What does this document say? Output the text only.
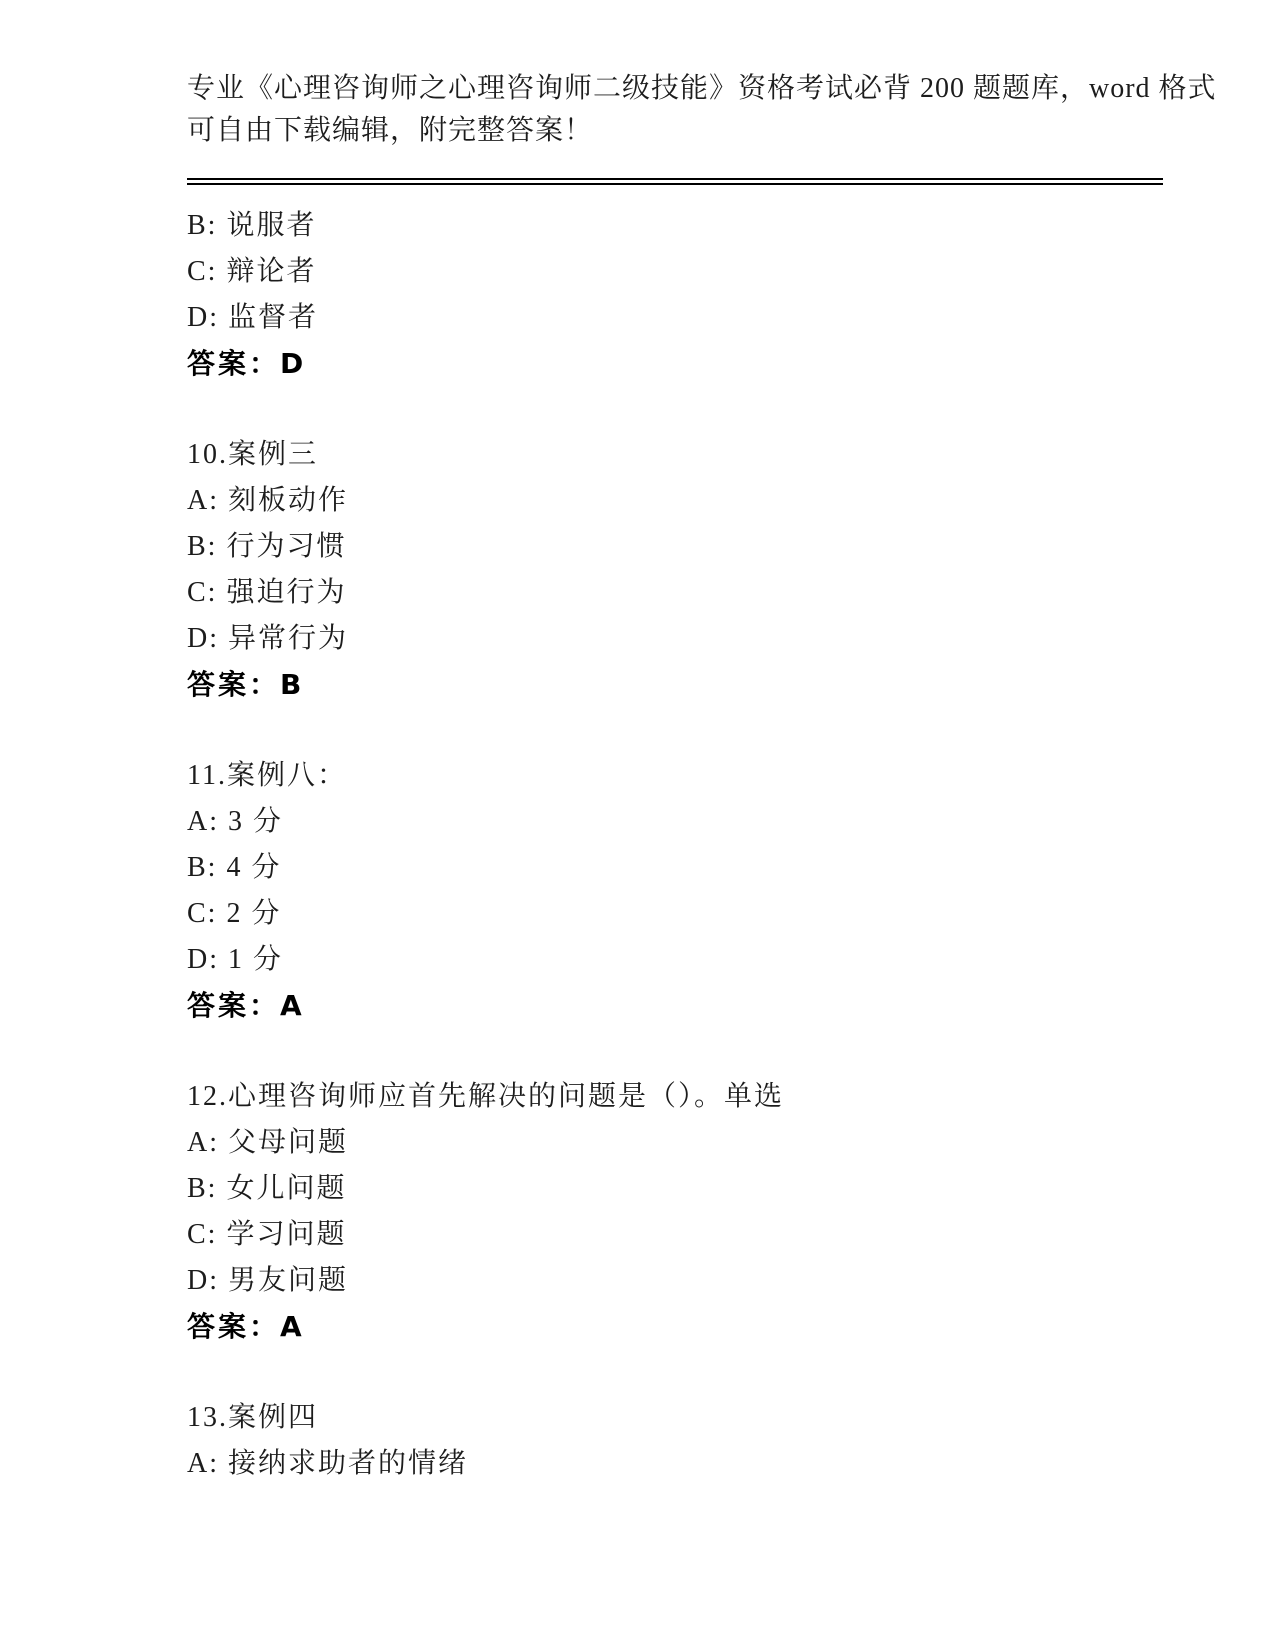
专业《心理咨询师之心理咨询师二级技能》资格考试必背 200 题题库，word 格式
可自由下载编辑，附完整答案！
B: 说服者
C: 辩论者
D: 监督者
答案：D
10.案例三
A: 刻板动作
B: 行为习惯
C: 强迫行为
D: 异常行为
答案：B
11.案例八：
A: 3 分
B: 4 分
C: 2 分
D: 1 分
答案：A
12.心理咨询师应首先解决的问题是（）。单选
A: 父母问题
B: 女儿问题
C: 学习问题
D: 男友问题
答案：A
13.案例四
A: 接纳求助者的情绪
